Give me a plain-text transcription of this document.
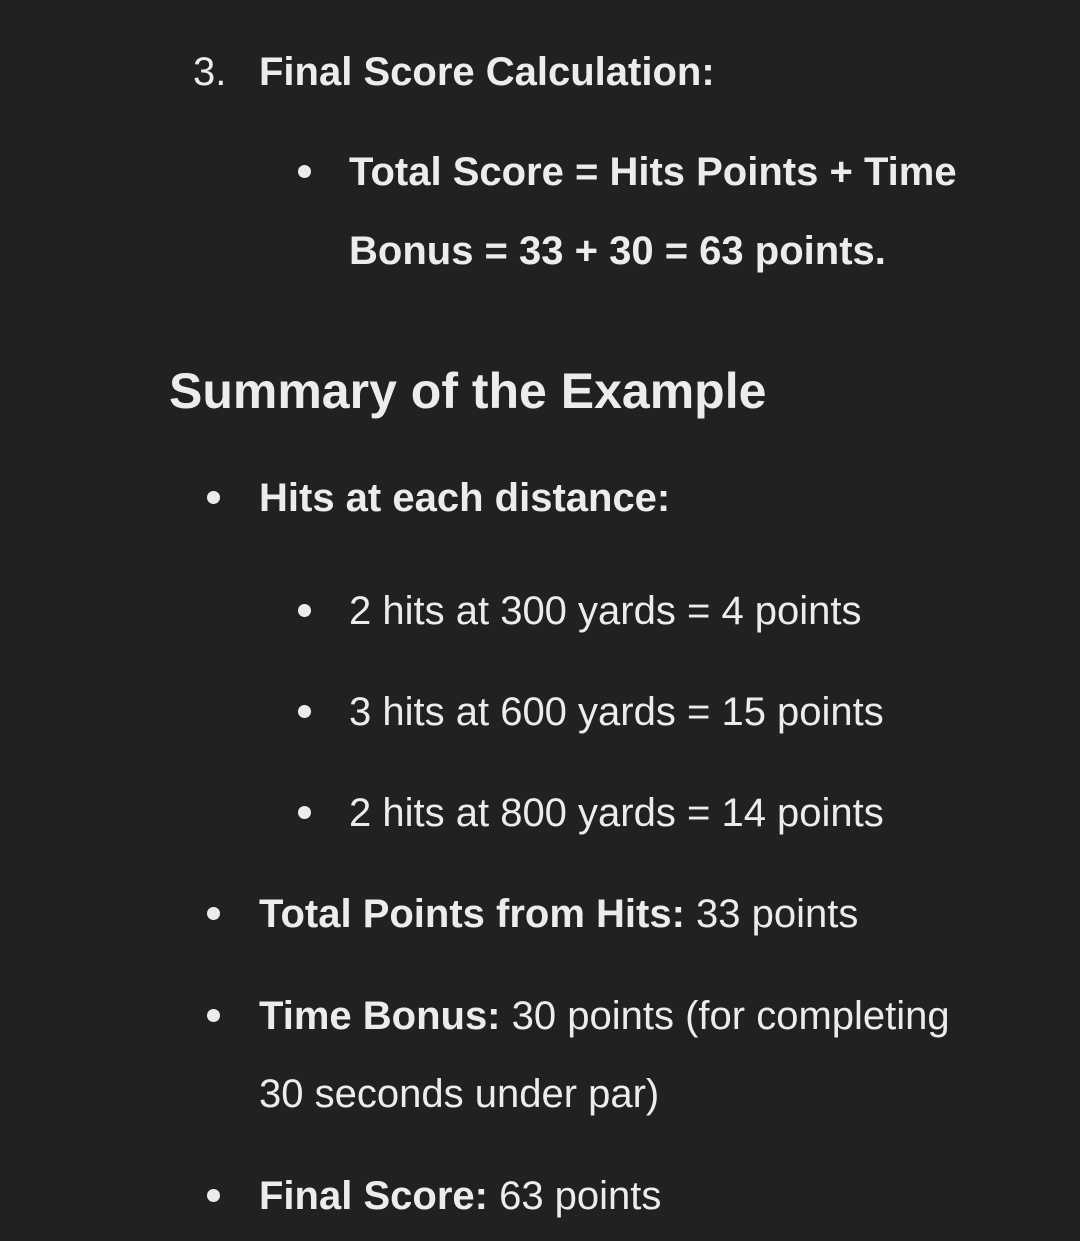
3. Final Score Calculation:
Total Score = Hits Points + Time
Bonus = 33 + 30 = 63 points.
Summary of the Example
Hits at each distance:
2 hits at 300 yards = 4 points
3 hits at 600 yards = 15 points
2 hits at 800 yards = 14 points
Total Points from Hits: 33 points
Time Bonus: 30 points (for completing
30 seconds under par)
Final Score: 63 points
